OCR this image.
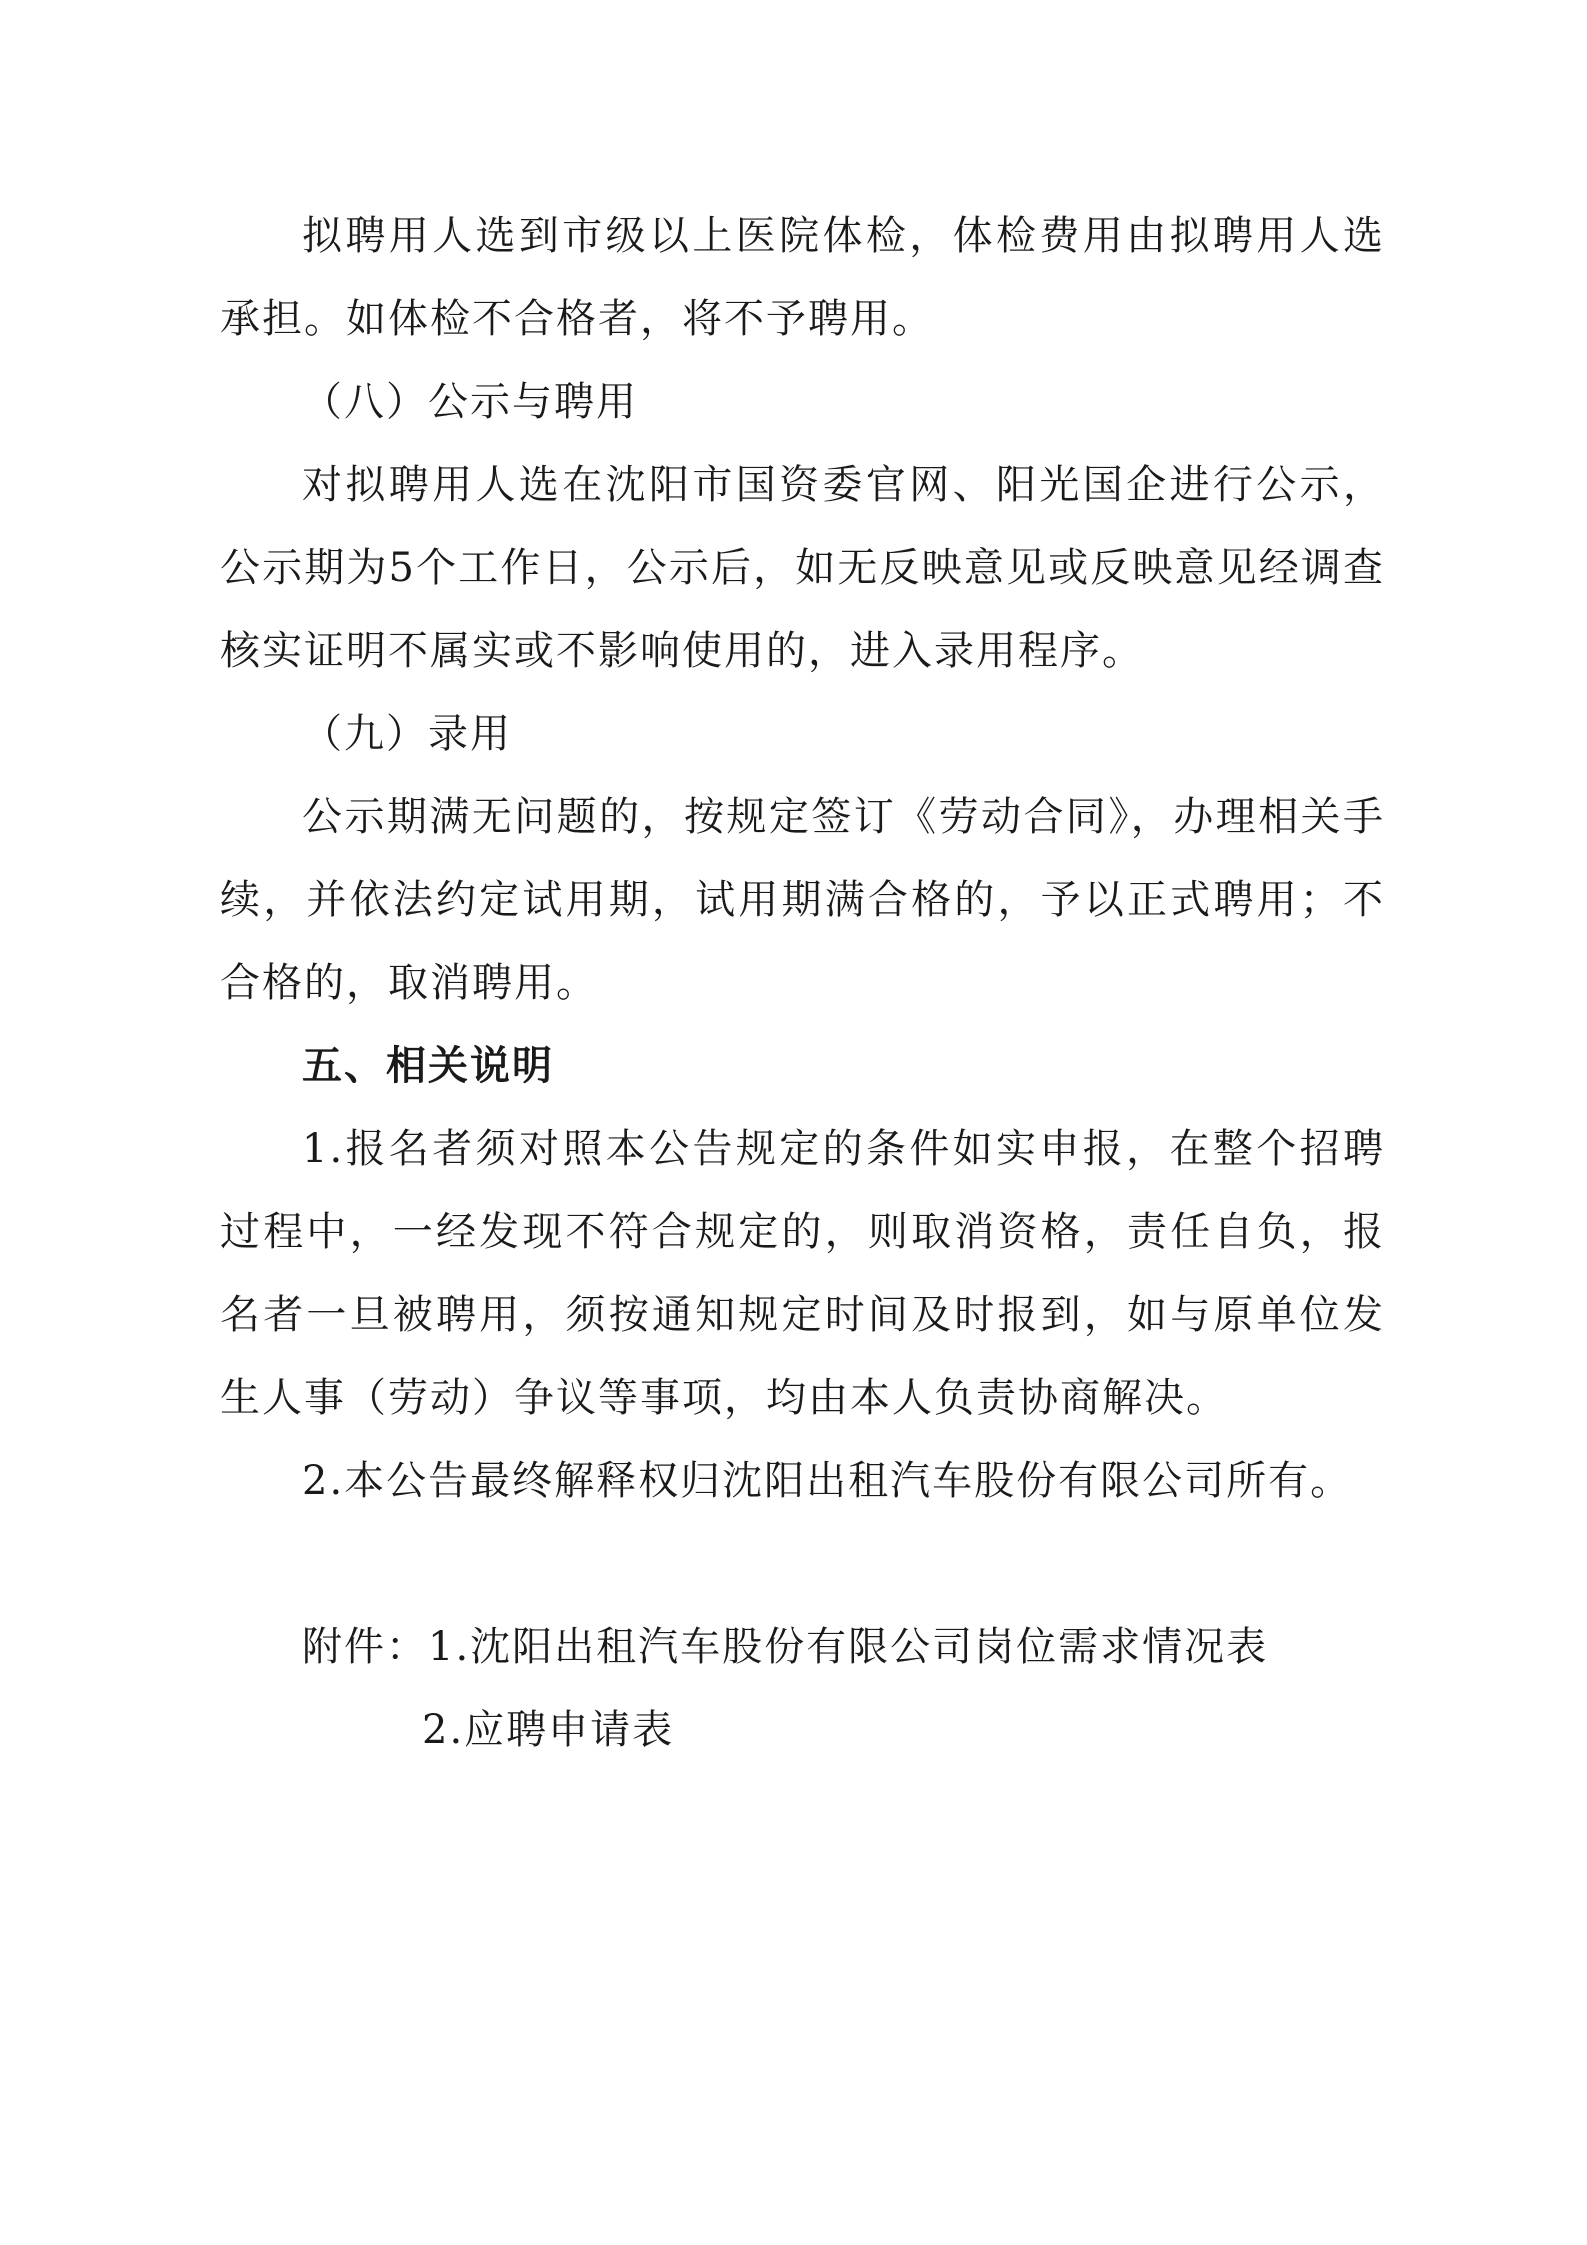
拟聘用人选到市级以上医院体检，体检费用由拟聘用人选承担。如体检不合格者，将不予聘用。

（八）公示与聘用

对拟聘用人选在沈阳市国资委官网、阳光国企进行公示，公示期为5个工作日，公示后，如无反映意见或反映意见经调查核实证明不属实或不影响使用的，进入录用程序。

（九）录用

公示期满无问题的，按规定签订《劳动合同》，办理相关手续，并依法约定试用期，试用期满合格的，予以正式聘用；不合格的，取消聘用。

五、相关说明

1.报名者须对照本公告规定的条件如实申报，在整个招聘过程中，一经发现不符合规定的，则取消资格，责任自负，报名者一旦被聘用，须按通知规定时间及时报到，如与原单位发生人事（劳动）争议等事项，均由本人负责协商解决。

2.本公告最终解释权归沈阳出租汽车股份有限公司所有。

附件：1.沈阳出租汽车股份有限公司岗位需求情况表

2.应聘申请表
